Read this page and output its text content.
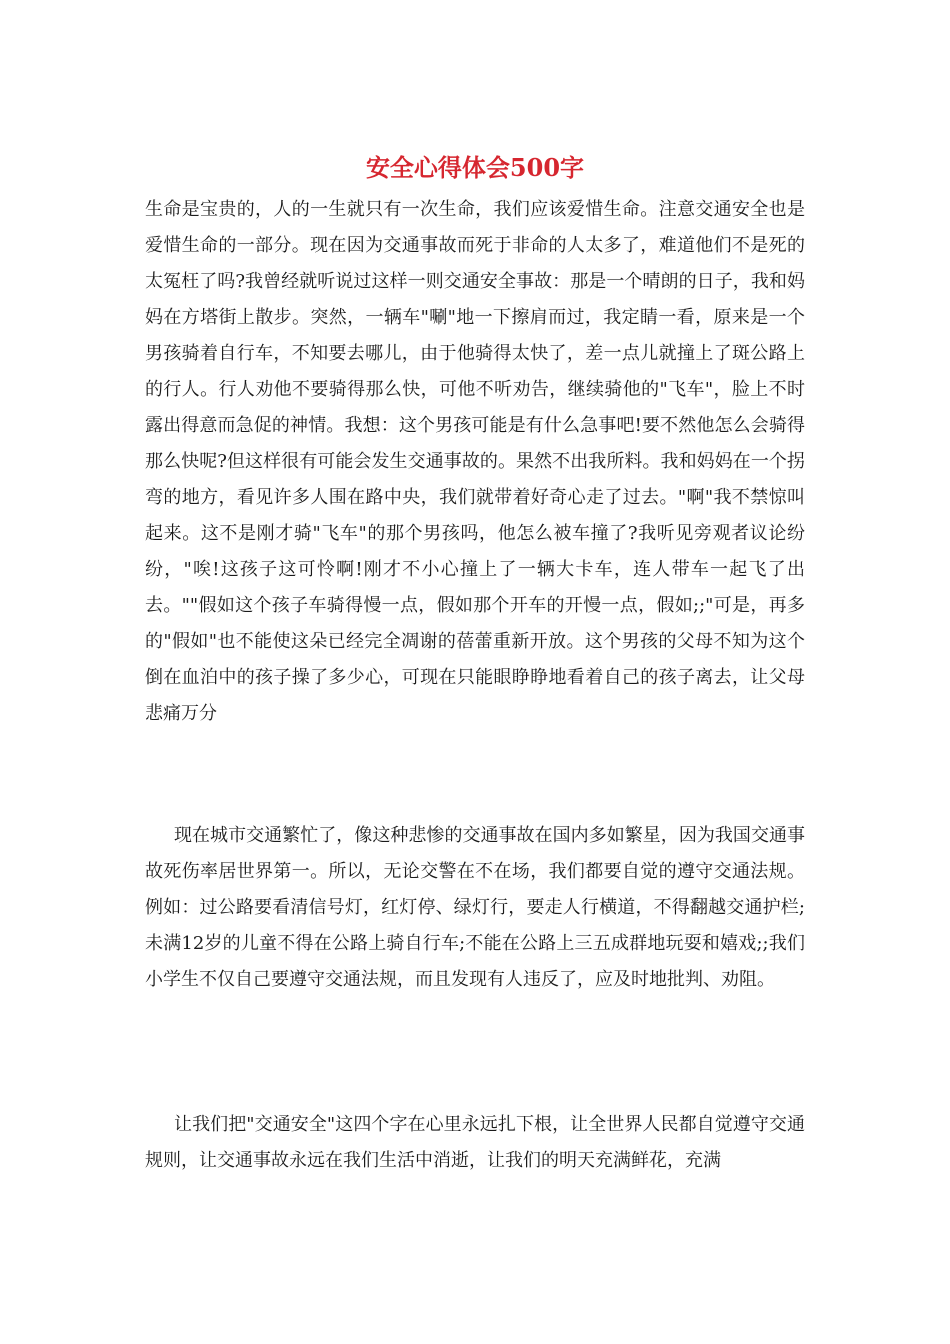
安全心得体会500字

生命是宝贵的，人的一生就只有一次生命，我们应该爱惜生命。注意交通安全也是爱惜生命的一部分。现在因为交通事故而死于非命的人太多了，难道他们不是死的太冤枉了吗?我曾经就听说过这样一则交通安全事故：那是一个晴朗的日子，我和妈妈在方塔街上散步。突然，一辆车"唰"地一下擦肩而过，我定睛一看，原来是一个男孩骑着自行车，不知要去哪儿，由于他骑得太快了，差一点儿就撞上了斑公路上的行人。行人劝他不要骑得那么快，可他不听劝告，继续骑他的"飞车"，脸上不时露出得意而急促的神情。我想：这个男孩可能是有什么急事吧!要不然他怎么会骑得那么快呢?但这样很有可能会发生交通事故的。果然不出我所料。我和妈妈在一个拐弯的地方，看见许多人围在路中央，我们就带着好奇心走了过去。"啊"我不禁惊叫起来。这不是刚才骑"飞车"的那个男孩吗，他怎么被车撞了?我听见旁观者议论纷纷，"唉!这孩子这可怜啊!刚才不小心撞上了一辆大卡车，连人带车一起飞了出去。""假如这个孩子车骑得慢一点，假如那个开车的开慢一点，假如;;"可是，再多的"假如"也不能使这朵已经完全凋谢的蓓蕾重新开放。这个男孩的父母不知为这个倒在血泊中的孩子操了多少心，可现在只能眼睁睁地看着自己的孩子离去，让父母悲痛万分

现在城市交通繁忙了，像这种悲惨的交通事故在国内多如繁星，因为我国交通事故死伤率居世界第一。所以，无论交警在不在场，我们都要自觉的遵守交通法规。例如：过公路要看清信号灯，红灯停、绿灯行，要走人行横道，不得翻越交通护栏;未满12岁的儿童不得在公路上骑自行车;不能在公路上三五成群地玩耍和嬉戏;;我们小学生不仅自己要遵守交通法规，而且发现有人违反了，应及时地批判、劝阻。

让我们把"交通安全"这四个字在心里永远扎下根，让全世界人民都自觉遵守交通规则，让交通事故永远在我们生活中消逝，让我们的明天充满鲜花，充满
